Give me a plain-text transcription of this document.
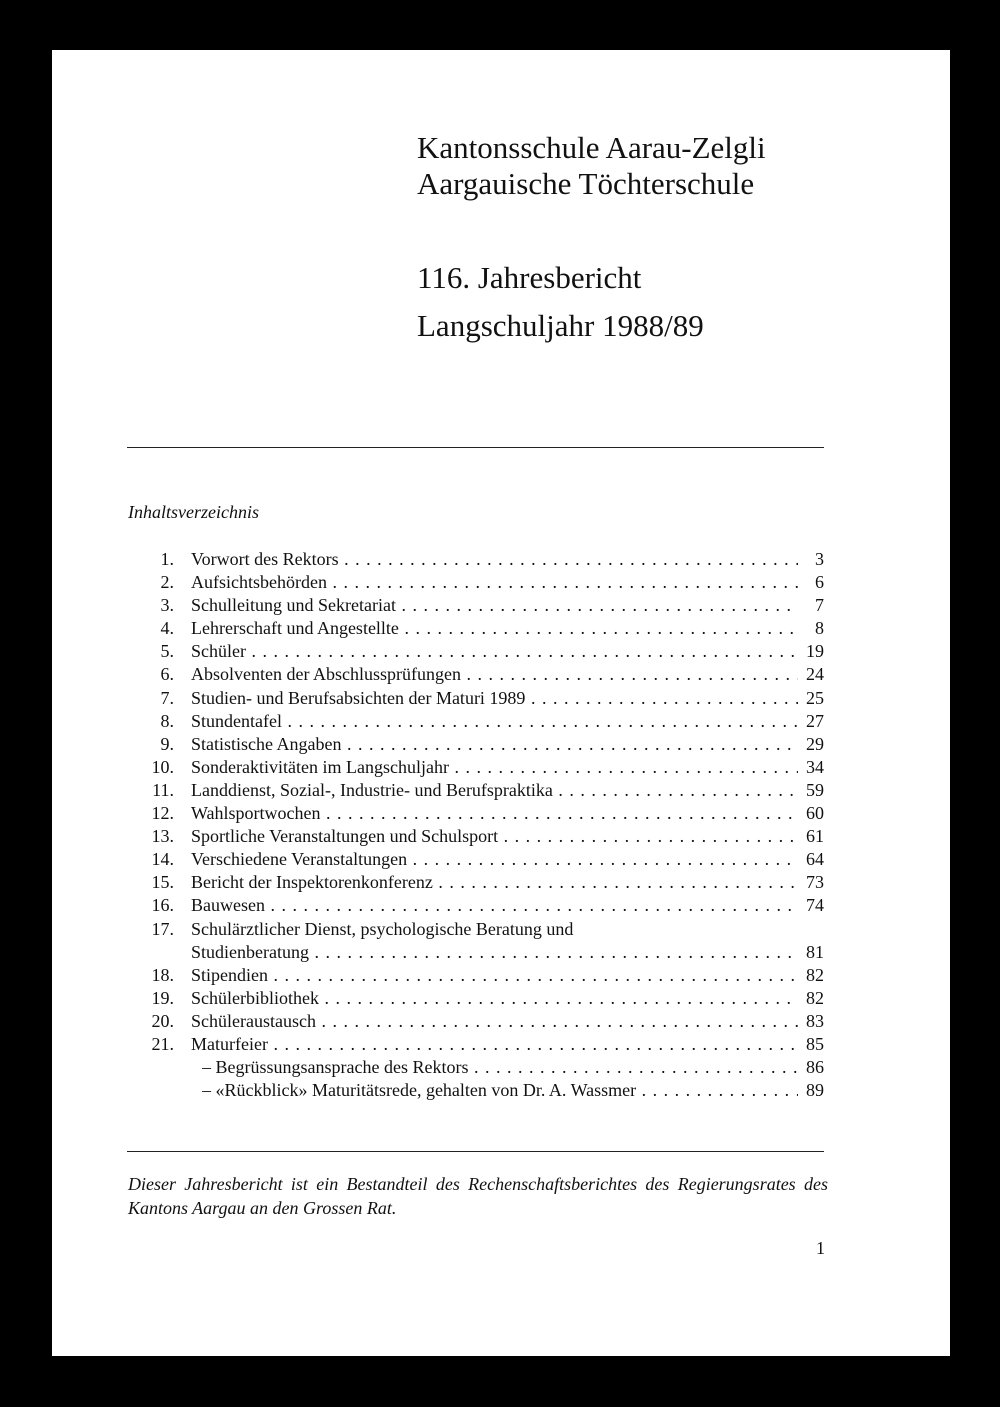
Kantonsschule Aarau-Zelgli
Aargauische Töchterschule
116. Jahresbericht
Langschuljahr 1988/89
Inhaltsverzeichnis
1. Vorwort des Rektors . . .	3
2. Aufsichtsbehörden . . .	6
3. Schulleitung und Sekretariat . . .	7
4. Lehrerschaft und Angestellte . . .	8
5. Schüler . . .	19
6. Absolventen der Abschlussprüfungen . . .	24
7. Studien- und Berufsabsichten der Maturi 1989 . . .	25
8. Stundentafel . . .	27
9. Statistische Angaben . . .	29
10. Sonderaktivitäten im Langschuljahr . . .	34
11. Landdienst, Sozial-, Industrie- und Berufspraktika . . .	59
12. Wahlsportwochen . . .	60
13. Sportliche Veranstaltungen und Schulsport . . .	61
14. Verschiedene Veranstaltungen . . .	64
15. Bericht der Inspektorenkonferenz . . .	73
16. Bauwesen . . .	74
17. Schulärztlicher Dienst, psychologische Beratung und
Studienberatung . . .	81
18. Stipendien . . .	82
19. Schülerbibliothek . . .	82
20. Schüleraustausch . . .	83
21. Maturfeier . . .	85
– Begrüssungsansprache des Rektors . . .	86
– «Rückblick» Maturitätsrede, gehalten von Dr. A. Wassmer . . .	89
Dieser Jahresbericht ist ein Bestandteil des Rechenschaftsberichtes des Regierungsrates des Kantons Aargau an den Grossen Rat.
1
